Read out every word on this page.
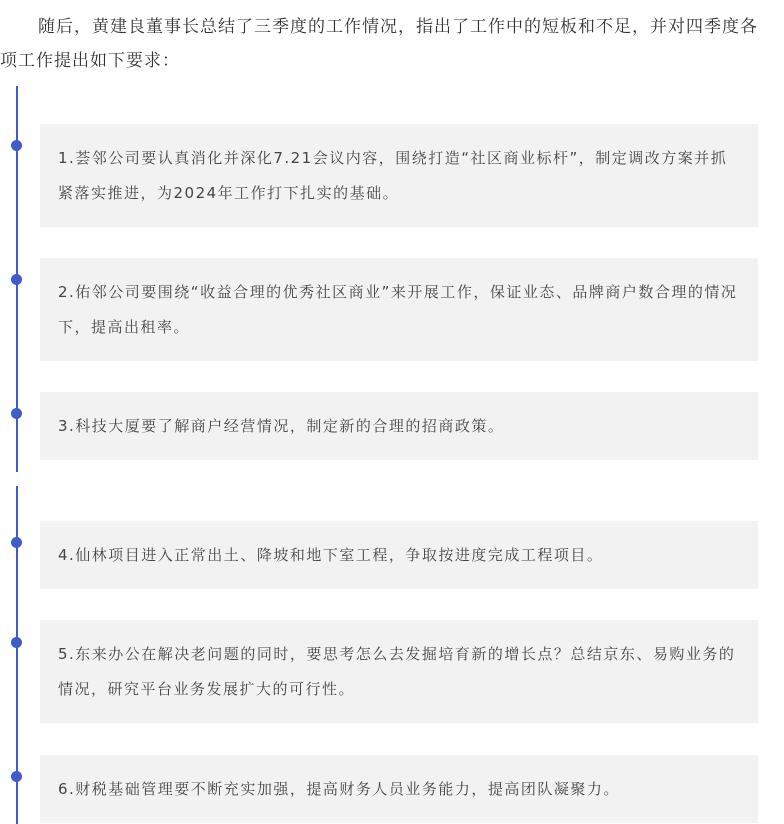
随后，黄建良董事长总结了三季度的工作情况，指出了工作中的短板和不足，并对四季度各项工作提出如下要求：
1.荟邻公司要认真消化并深化7.21会议内容，围绕打造“社区商业标杆”，制定调改方案并抓紧落实推进，为2024年工作打下扎实的基础。
2.佑邻公司要围绕“收益合理的优秀社区商业”来开展工作，保证业态、品牌商户数合理的情况下，提高出租率。
3.科技大厦要了解商户经营情况，制定新的合理的招商政策。
4.仙林项目进入正常出土、降坡和地下室工程，争取按进度完成工程项目。
5.东来办公在解决老问题的同时，要思考怎么去发掘培育新的增长点？总结京东、易购业务的情况，研究平台业务发展扩大的可行性。
6.财税基础管理要不断充实加强，提高财务人员业务能力，提高团队凝聚力。
